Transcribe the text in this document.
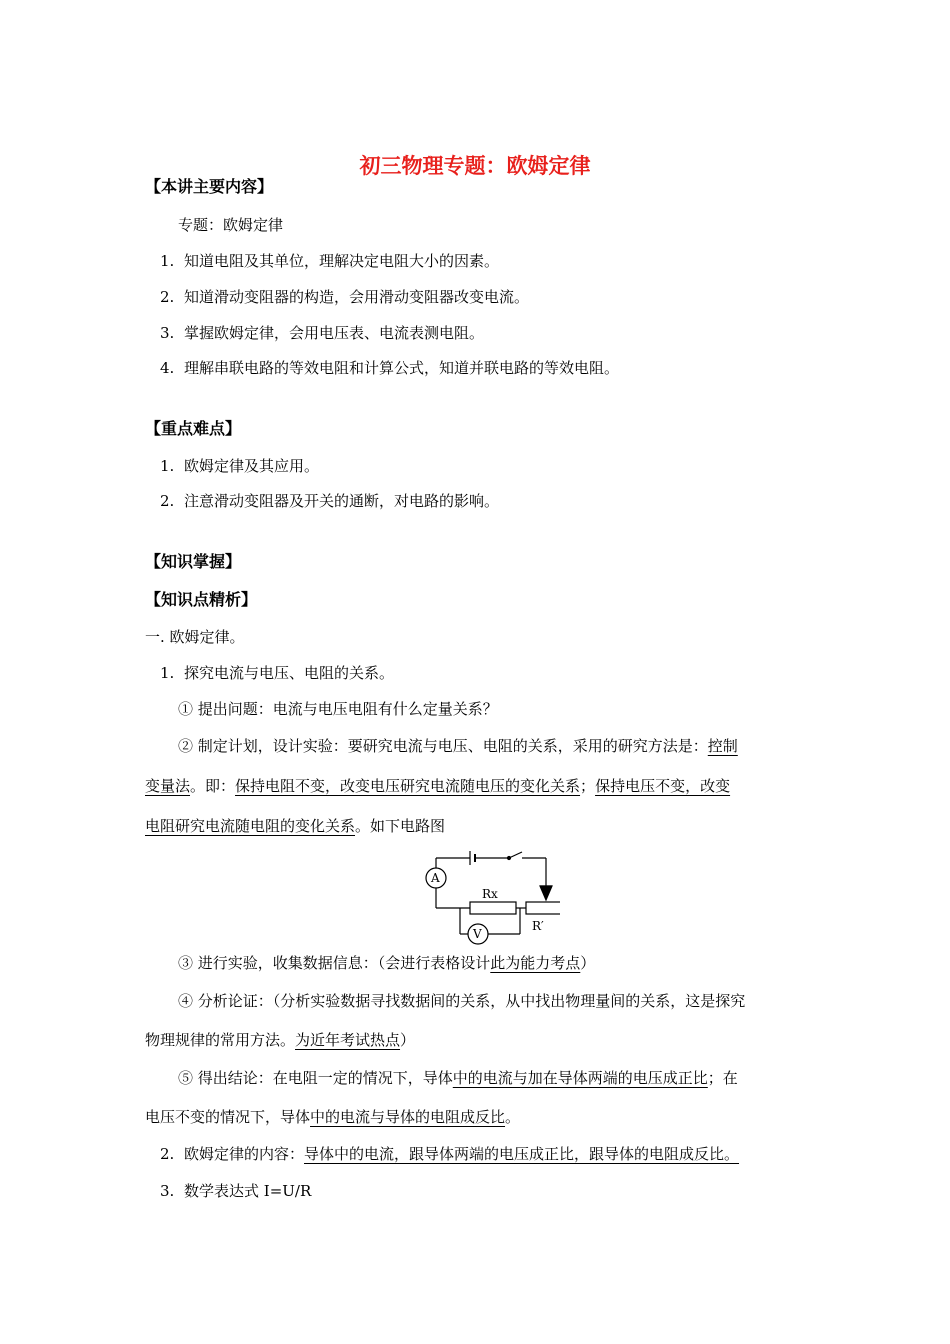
初三物理专题：欧姆定律
【本讲主要内容】
专题：欧姆定律
1. 知道电阻及其单位，理解决定电阻大小的因素。
2. 知道滑动变阻器的构造，会用滑动变阻器改变电流。
3. 掌握欧姆定律，会用电压表、电流表测电阻。
4. 理解串联电路的等效电阻和计算公式，知道并联电路的等效电阻。
【重点难点】
1. 欧姆定律及其应用。
2. 注意滑动变阻器及开关的通断，对电路的影响。
【知识掌握】
【知识点精析】
一. 欧姆定律。
1. 探究电流与电压、电阻的关系。
① 提出问题：电流与电压电阻有什么定量关系？
② 制定计划，设计实验：要研究电流与电压、电阻的关系，采用的研究方法是：控制
变量法。即：保持电阻不变，改变电压研究电流随电压的变化关系；保持电压不变，改变
电阻研究电流随电阻的变化关系。如下电路图
A
V
Rx
R′
③ 进行实验，收集数据信息：（会进行表格设计此为能力考点）
④ 分析论证：（分析实验数据寻找数据间的关系，从中找出物理量间的关系，这是探究
物理规律的常用方法。为近年考试热点）
⑤ 得出结论：在电阻一定的情况下，导体中的电流与加在导体两端的电压成正比；在
电压不变的情况下，导体中的电流与导体的电阻成反比。
2. 欧姆定律的内容：导体中的电流，跟导体两端的电压成正比，跟导体的电阻成反比。
3. 数学表达式 I=U/R
